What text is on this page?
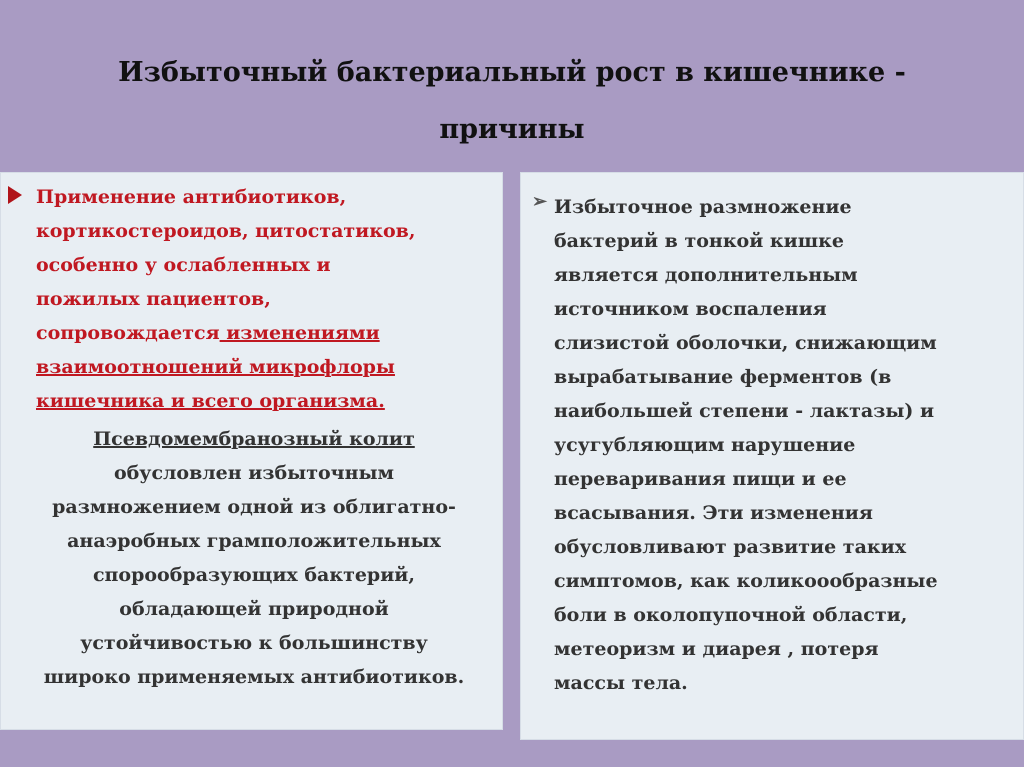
Избыточный бактериальный рост в кишечнике -
причины
Применение антибиотиков,
кортикостероидов, цитостатиков,
особенно у ослабленных и
пожилых пациентов,
сопровождается изменениями
взаимоотношений микрофлоры
кишечника и всего организма.
Псевдомембранозный колит
обусловлен избыточным
размножением одной из облигатно-
анаэробных грамположительных
спорообразующих бактерий,
обладающей природной
устойчивостью к большинству
широко применяемых антибиотиков.
➢ Избыточное размножение
бактерий в тонкой кишке
является дополнительным
источником воспаления
слизистой оболочки, снижающим
вырабатывание ферментов (в
наибольшей степени - лактазы) и
усугубляющим нарушение
переваривания пищи и ее
всасывания. Эти изменения
обусловливают развитие таких
симптомов, как коликоообразные
боли в околопупочной области,
метеоризм и диарея , потеря
массы тела.
